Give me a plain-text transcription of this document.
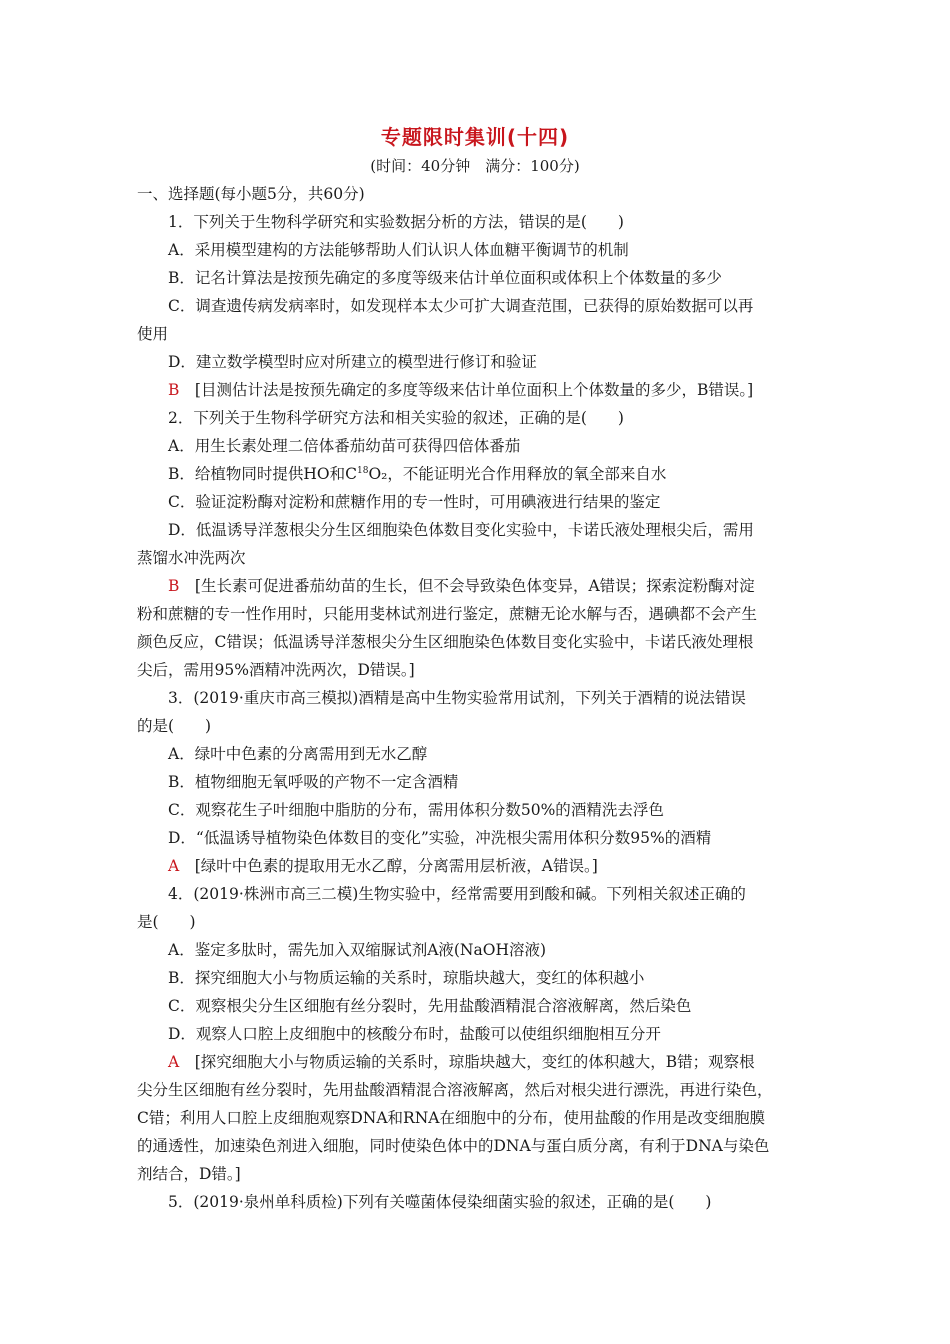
专题限时集训(十四)
(时间：40分钟　满分：100分)
一、选择题(每小题5分，共60分)
1．下列关于生物科学研究和实验数据分析的方法，错误的是(　　)
A．采用模型建构的方法能够帮助人们认识人体血糖平衡调节的机制
B．记名计算法是按预先确定的多度等级来估计单位面积或体积上个体数量的多少
C．调查遗传病发病率时，如发现样本太少可扩大调查范围，已获得的原始数据可以再
使用
D．建立数学模型时应对所建立的模型进行修订和验证
B　 [目测估计法是按预先确定的多度等级来估计单位面积上个体数量的多少，B错误。]
2．下列关于生物科学研究方法和相关实验的叙述，正确的是(　　)
A．用生长素处理二倍体番茄幼苗可获得四倍体番茄
B．给植物同时提供HO和$C^{18}O_2$，不能证明光合作用释放的氧全部来自水
C．验证淀粉酶对淀粉和蔗糖作用的专一性时，可用碘液进行结果的鉴定
D．低温诱导洋葱根尖分生区细胞染色体数目变化实验中，卡诺氏液处理根尖后，需用
蒸馏水冲洗两次
B　 [生长素可促进番茄幼苗的生长，但不会导致染色体变异，A错误；探索淀粉酶对淀
粉和蔗糖的专一性作用时，只能用斐林试剂进行鉴定，蔗糖无论水解与否，遇碘都不会产生
颜色反应，C错误；低温诱导洋葱根尖分生区细胞染色体数目变化实验中，卡诺氏液处理根
尖后，需用95%酒精冲洗两次，D错误。]
3．(2019·重庆市高三模拟)酒精是高中生物实验常用试剂，下列关于酒精的说法错误
的是(　　)
A．绿叶中色素的分离需用到无水乙醇
B．植物细胞无氧呼吸的产物不一定含酒精
C．观察花生子叶细胞中脂肪的分布，需用体积分数50%的酒精洗去浮色
D．“低温诱导植物染色体数目的变化”实验，冲洗根尖需用体积分数95%的酒精
A　 [绿叶中色素的提取用无水乙醇，分离需用层析液，A错误。]
4．(2019·株洲市高三二模)生物实验中，经常需要用到酸和碱。下列相关叙述正确的
是(　　)
A．鉴定多肽时，需先加入双缩脲试剂A液(NaOH溶液)
B．探究细胞大小与物质运输的关系时，琼脂块越大，变红的体积越小
C．观察根尖分生区细胞有丝分裂时，先用盐酸酒精混合溶液解离，然后染色
D．观察人口腔上皮细胞中的核酸分布时，盐酸可以使组织细胞相互分开
A　 [探究细胞大小与物质运输的关系时，琼脂块越大，变红的体积越大，B错；观察根
尖分生区细胞有丝分裂时，先用盐酸酒精混合溶液解离，然后对根尖进行漂洗，再进行染色，
C错；利用人口腔上皮细胞观察DNA和RNA在细胞中的分布，使用盐酸的作用是改变细胞膜
的通透性，加速染色剂进入细胞，同时使染色体中的DNA与蛋白质分离，有利于DNA与染色
剂结合，D错。]
5．(2019·泉州单科质检)下列有关噬菌体侵染细菌实验的叙述，正确的是(　　)
